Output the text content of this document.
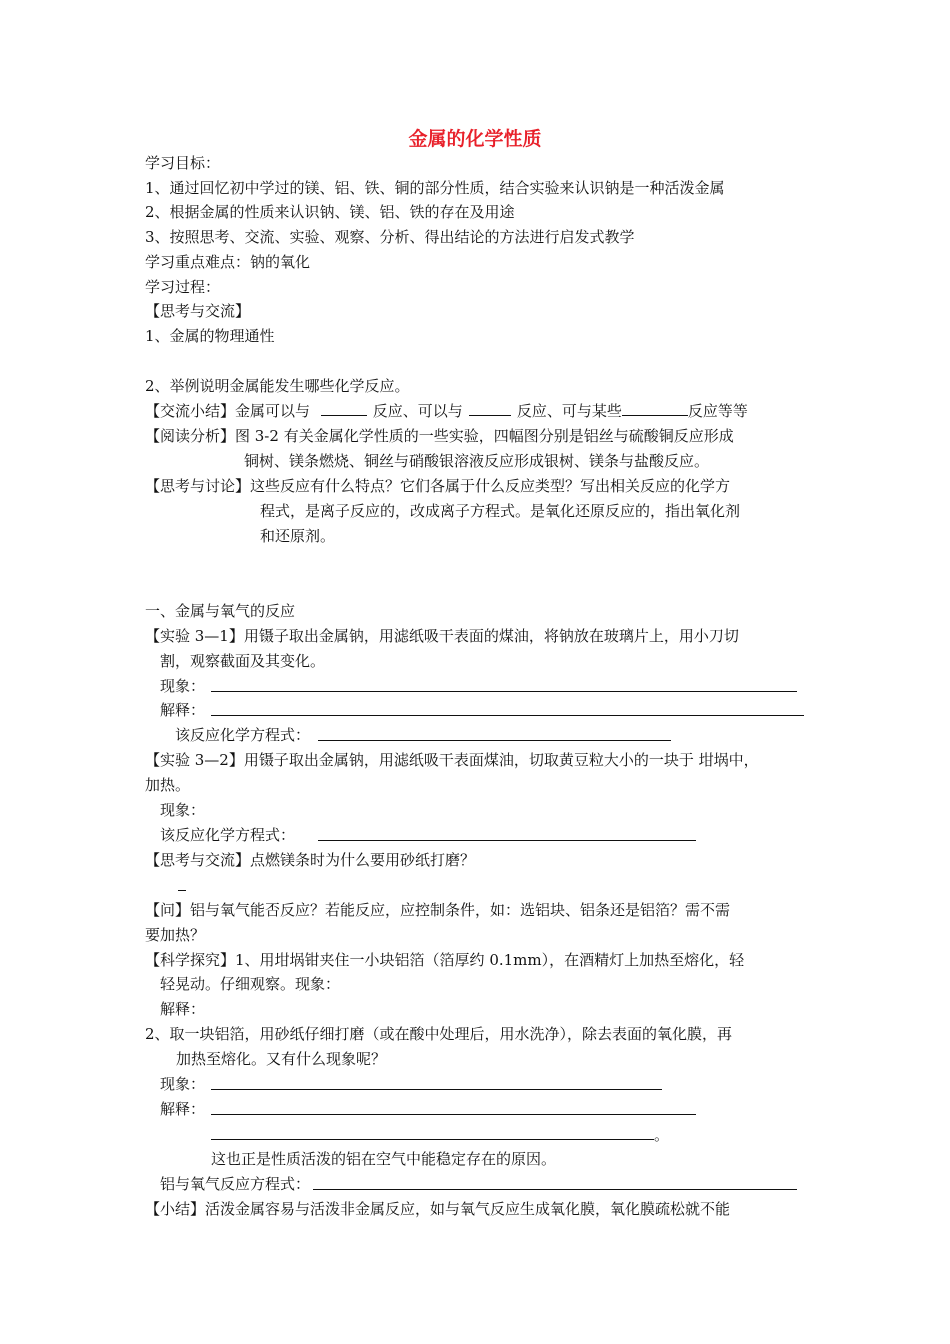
金属的化学性质
学习目标：
1、通过回忆初中学过的镁、铝、铁、铜的部分性质，结合实验来认识钠是一种活泼金属
2、根据金属的性质来认识钠、镁、铝、铁的存在及用途
3、按照思考、交流、实验、观察、分析、得出结论的方法进行启发式教学
学习重点难点：钠的氧化
学习过程：
【思考与交流】
1、金属的物理通性
2、举例说明金属能发生哪些化学反应。
【交流小结】金属可以与	反应、可以与	反应、可与某些	反应等等
【阅读分析】图 3-2 有关金属化学性质的一些实验，四幅图分别是铝丝与硫酸铜反应形成
铜树、镁条燃烧、铜丝与硝酸银溶液反应形成银树、镁条与盐酸反应。
【思考与讨论】这些反应有什么特点？它们各属于什么反应类型？写出相关反应的化学方
程式，是离子反应的，改成离子方程式。是氧化还原反应的，指出氧化剂
和还原剂。
一、金属与氧气的反应
【实验 3—1】用镊子取出金属钠，用滤纸吸干表面的煤油，将钠放在玻璃片上，用小刀切
割，观察截面及其变化。
现象：
解释：
该反应化学方程式：
【实验 3—2】用镊子取出金属钠，用滤纸吸干表面煤油，切取黄豆粒大小的一块于 坩埚中，
加热。
现象：
该反应化学方程式：
【思考与交流】点燃镁条时为什么要用砂纸打磨？
【问】铝与氧气能否反应？若能反应，应控制条件，如：选铝块、铝条还是铝箔？需不需
要加热？
【科学探究】1、用坩埚钳夹住一小块铝箔（箔厚约 0.1mm），在酒精灯上加热至熔化，轻
轻晃动。仔细观察。现象：
解释：
2、取一块铝箔，用砂纸仔细打磨（或在酸中处理后，用水洗净），除去表面的氧化膜，再
加热至熔化。又有什么现象呢？
现象：
解释：
。
这也正是性质活泼的铝在空气中能稳定存在的原因。
铝与氧气反应方程式：
【小结】活泼金属容易与活泼非金属反应，如与氧气反应生成氧化膜，氧化膜疏松就不能
